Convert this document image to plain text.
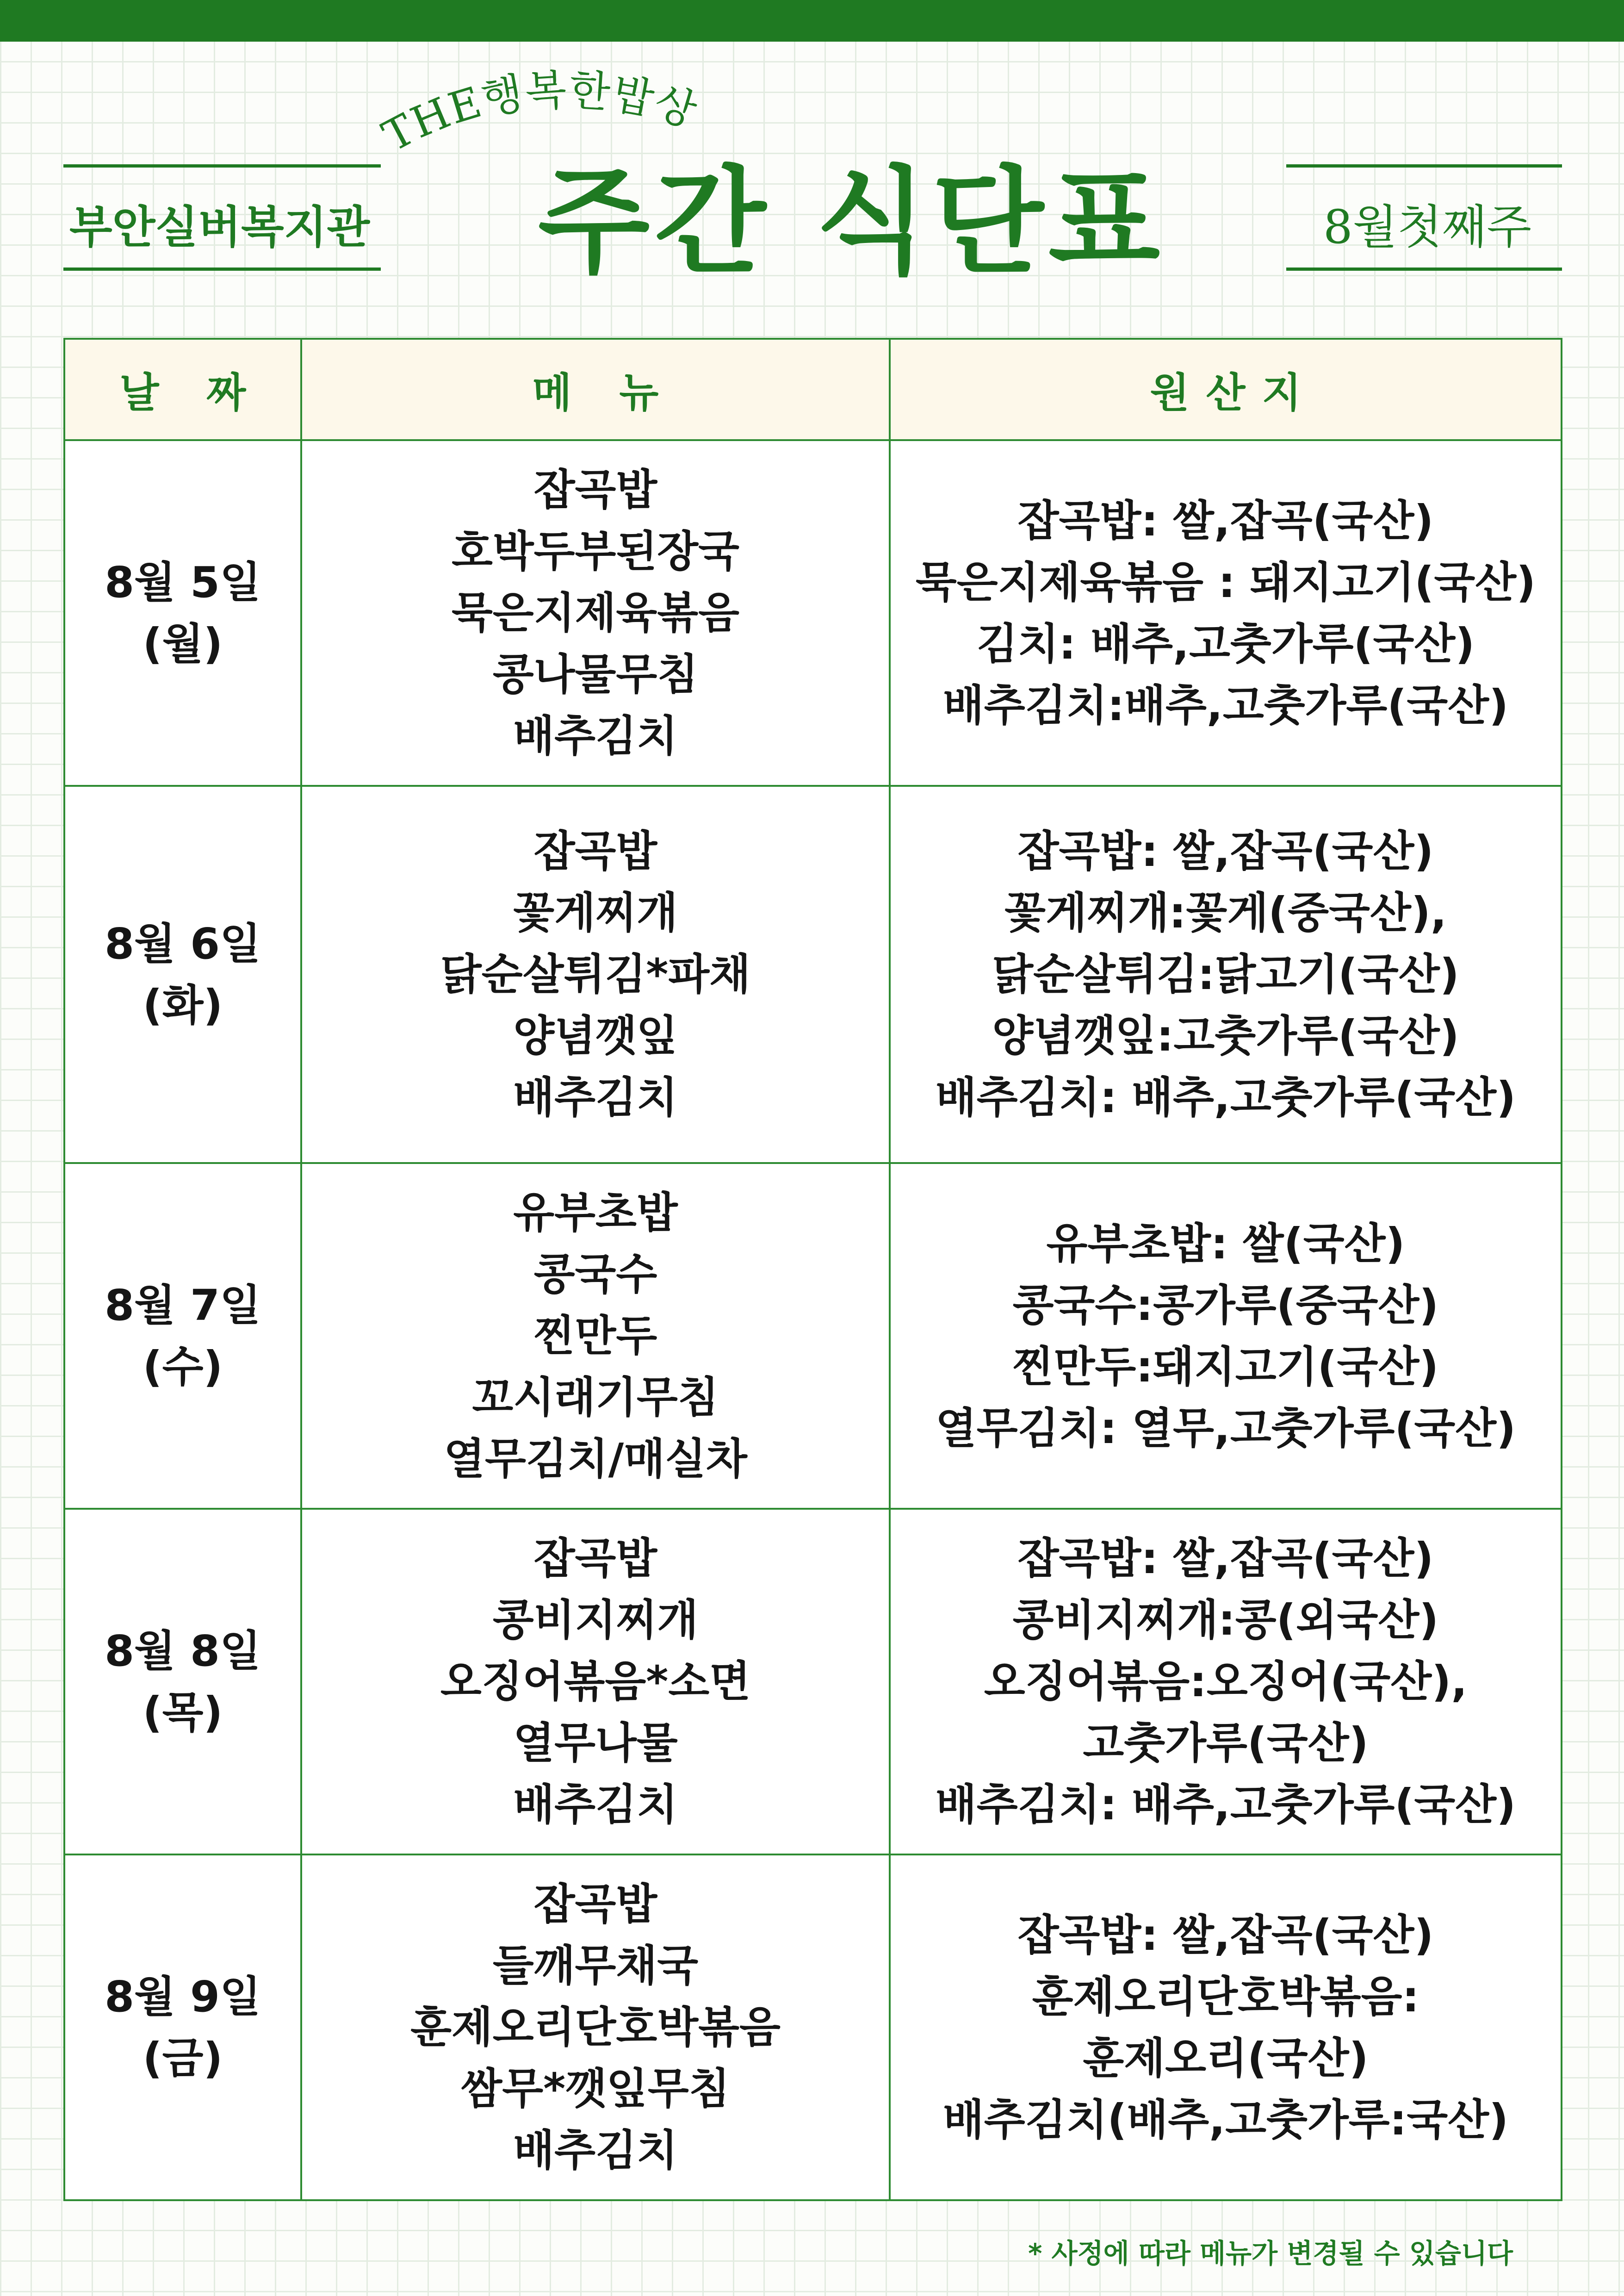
부안실버복지관	8월첫째주
THE행복한밥상
주간 식단표
날 짜	메 뉴	원산지

8월 5일
(월)	잡곡밥
호박두부된장국
묵은지제육볶음
콩나물무침
배추김치	잡곡밥: 쌀,잡곡(국산)
묵은지제육볶음 : 돼지고기(국산)
김치: 배추,고춧가루(국산)
배추김치:배추,고춧가루(국산)

8월 6일
(화)	잡곡밥
꽃게찌개
닭순살튀김*파채
양념깻잎
배추김치	잡곡밥: 쌀,잡곡(국산)
꽃게찌개:꽃게(중국산),
닭순살튀김:닭고기(국산)
양념깻잎:고춧가루(국산)
배추김치: 배추,고춧가루(국산)

8월 7일
(수)	유부초밥
콩국수
찐만두
꼬시래기무침
열무김치/매실차	유부초밥: 쌀(국산)
콩국수:콩가루(중국산)
찐만두:돼지고기(국산)
열무김치: 열무,고춧가루(국산)

8월 8일
(목)	잡곡밥
콩비지찌개
오징어볶음*소면
열무나물
배추김치	잡곡밥: 쌀,잡곡(국산)
콩비지찌개:콩(외국산)
오징어볶음:오징어(국산),
고춧가루(국산)
배추김치: 배추,고춧가루(국산)

8월 9일
(금)	잡곡밥
들깨무채국
훈제오리단호박볶음
쌈무*깻잎무침
배추김치	잡곡밥: 쌀,잡곡(국산)
훈제오리단호박볶음:
훈제오리(국산)
배추김치(배추,고춧가루:국산)
* 사정에 따라 메뉴가 변경될 수 있습니다
